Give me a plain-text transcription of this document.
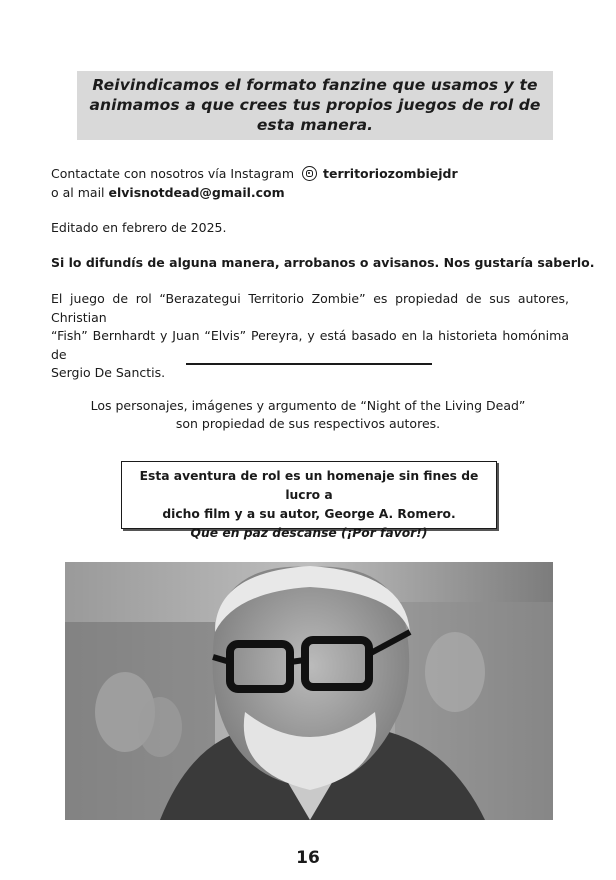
Reivindicamos el formato fanzine que usamos y te
animamos a que crees tus propios juegos de rol de
esta manera.
Contactate con nosotros vía Instagram territoriozombiejdr
o al mail
elvisnotdead@gmail.com
Editado en febrero de 2025.
Si lo difundís de alguna manera, arrobanos o avisanos. Nos gustaría saberlo.
El juego de rol “Berazategui Territorio Zombie” es propiedad de sus autores, Christian
“Fish” Bernhardt y Juan “Elvis” Pereyra, y está basado en la historieta homónima de
Sergio De Sanctis.
Los personajes, imágenes y argumento de “Night of the Living Dead”
son propiedad de sus respectivos autores.
Esta aventura de rol es un homenaje sin fines de lucro a
dicho film y a su autor, George A. Romero.
Que en paz descanse (¡Por favor!)
16
